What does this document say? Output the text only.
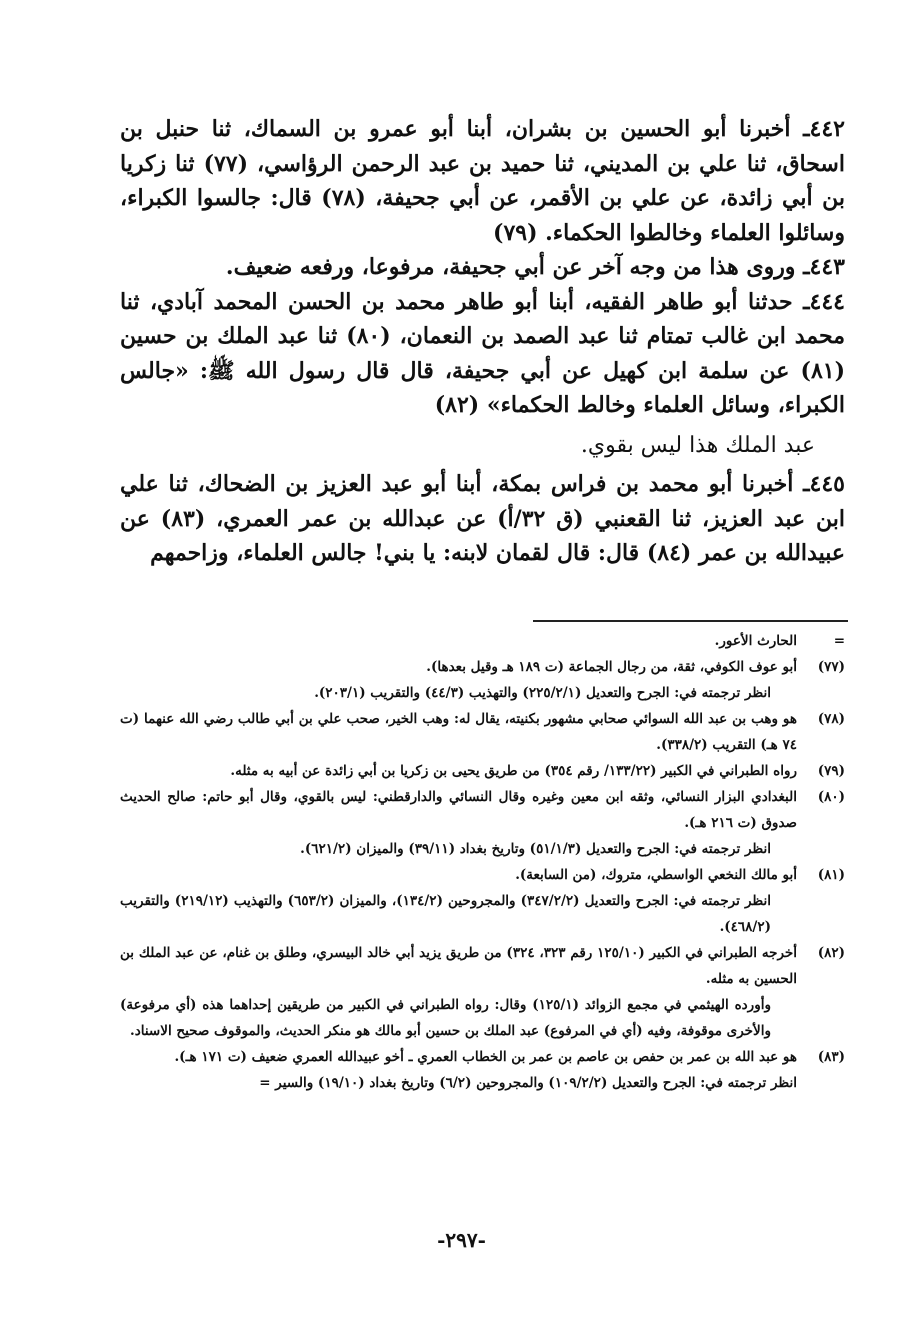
٤٤٢ـ أخبرنا أبو الحسين بن بشران، أبنا أبو عمرو بن السماك، ثنا حنبل بن اسحاق، ثنا علي بن المديني، ثنا حميد بن عبد الرحمن الرؤاسي، (٧٧) ثنا زكريا بن أبي زائدة، عن علي بن الأقمر، عن أبي جحيفة، (٧٨) قال: جالسوا الكبراء، وسائلوا العلماء وخالطوا الحكماء. (٧٩)

٤٤٣ـ وروى هذا من وجه آخر عن أبي جحيفة، مرفوعا، ورفعه ضعيف.

٤٤٤ـ حدثنا أبو طاهر الفقيه، أبنا أبو طاهر محمد بن الحسن المحمد آبادي، ثنا محمد ابن غالب تمتام ثنا عبد الصمد بن النعمان، (٨٠) ثنا عبد الملك بن حسين (٨١) عن سلمة ابن كهيل عن أبي جحيفة، قال قال رسول الله ﷺ: «جالس الكبراء، وسائل العلماء وخالط الحكماء» (٨٢)

عبد الملك هذا ليس بقوي.

٤٤٥ـ أخبرنا أبو محمد بن فراس بمكة، أبنا أبو عبد العزيز بن الضحاك، ثنا علي ابن عبد العزيز، ثنا القعنبي (ق ٣٢/أ) عن عبدالله بن عمر العمري، (٨٣) عن عبيدالله بن عمر (٨٤) قال: قال لقمان لابنه: يا بني! جالس العلماء، وزاحمهم

=

الحارث الأعور.

(٧٧)

أبو عوف الكوفي، ثقة، من رجال الجماعة (ت ١٨٩ هـ وقيل بعدها).

انظر ترجمته في: الجرح والتعديل (٢٢٥/٢/١) والتهذيب (٤٤/٣) والتقريب (٢٠٣/١).

(٧٨)

هو وهب بن عبد الله السوائي صحابي مشهور بكنيته، يقال له: وهب الخير، صحب علي بن أبي طالب رضي الله عنهما (ت ٧٤ هـ) التقريب (٣٣٨/٢).

(٧٩)

رواه الطبراني في الكبير (١٣٣/٢٢/ رقم ٣٥٤) من طريق يحيى بن زكريا بن أبي زائدة عن أبيه به مثله.

(٨٠)

البغدادي البزار النسائي، وثقه ابن معين وغيره وقال النسائي والدارقطني: ليس بالقوي، وقال أبو حاتم: صالح الحديث صدوق (ت ٢١٦ هـ).

انظر ترجمته في: الجرح والتعديل (٥١/١/٣) وتاريخ بغداد (٣٩/١١) والميزان (٦٢١/٢).

(٨١)

أبو مالك النخعي الواسطي، متروك، (من السابعة).

انظر ترجمته في: الجرح والتعديل (٣٤٧/٢/٢) والمجروحين (١٣٤/٢)، والميزان (٦٥٣/٢) والتهذيب (٢١٩/١٢) والتقريب (٤٦٨/٢).

(٨٢)

أخرجه الطبراني في الكبير (١٢٥/١٠ رقم ٣٢٣، ٣٢٤) من طريق يزيد أبي خالد البيسري، وطلق بن غنام، عن عبد الملك بن الحسين به مثله.

وأورده الهيثمي في مجمع الزوائد (١٢٥/١) وقال: رواه الطبراني في الكبير من طريقين إحداهما هذه (أي مرفوعة) والأخرى موقوفة، وفيه (أي في المرفوع) عبد الملك بن حسين أبو مالك هو منكر الحديث، والموقوف صحيح الاسناد.

(٨٣)

هو عبد الله بن عمر بن حفص بن عاصم بن عمر بن الخطاب العمري ـ أخو عبيدالله العمري ضعيف (ت ١٧١ هـ).

انظر ترجمته في: الجرح والتعديل (١٠٩/٢/٢) والمجروحين (٦/٢) وتاريخ بغداد (١٩/١٠) والسير =

-٢٩٧-
